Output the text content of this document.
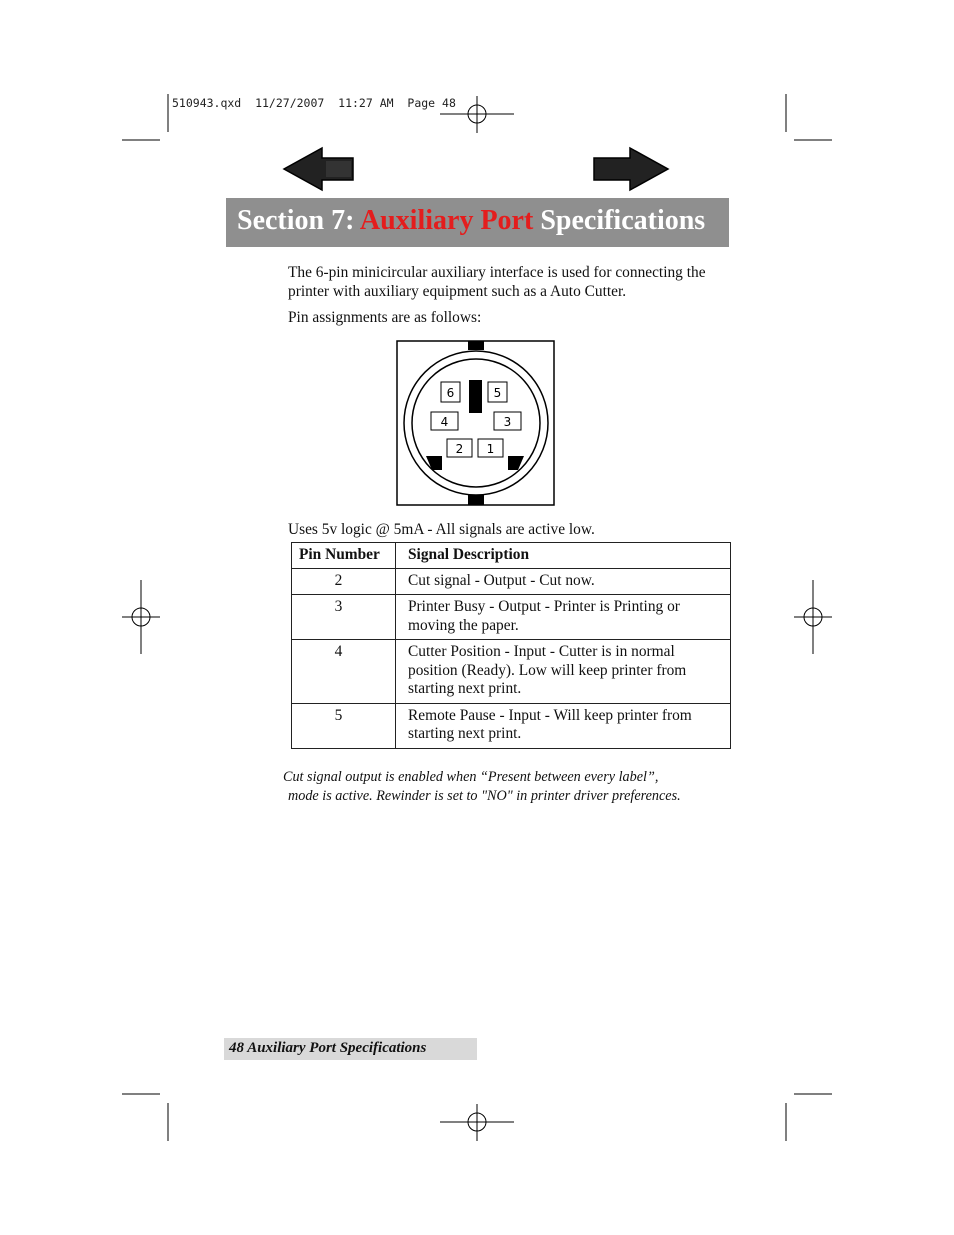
510943.qxd  11/27/2007  11:27 AM  Page 48
Section 7: Auxiliary Port Specifications
The 6-pin minicircular auxiliary interface is used for connecting the printer with auxiliary equipment such as a Auto Cutter.
Pin assignments are as follows:
6	5
4	3
2 1
Uses 5v logic @ 5mA - All signals are active low.
Pin Number	Signal Description
2	Cut signal - Output - Cut now.
3	Printer Busy - Output - Printer is Printing or moving the paper.
4	Cutter Position - Input - Cutter is in normal position (Ready). Low will keep printer from starting next print.
5	Remote Pause - Input - Will keep printer from starting next print.
Cut signal output is enabled when “Present between every label”,
mode is active. Rewinder is set to "NO" in printer driver preferences.
48 Auxiliary Port Specifications
